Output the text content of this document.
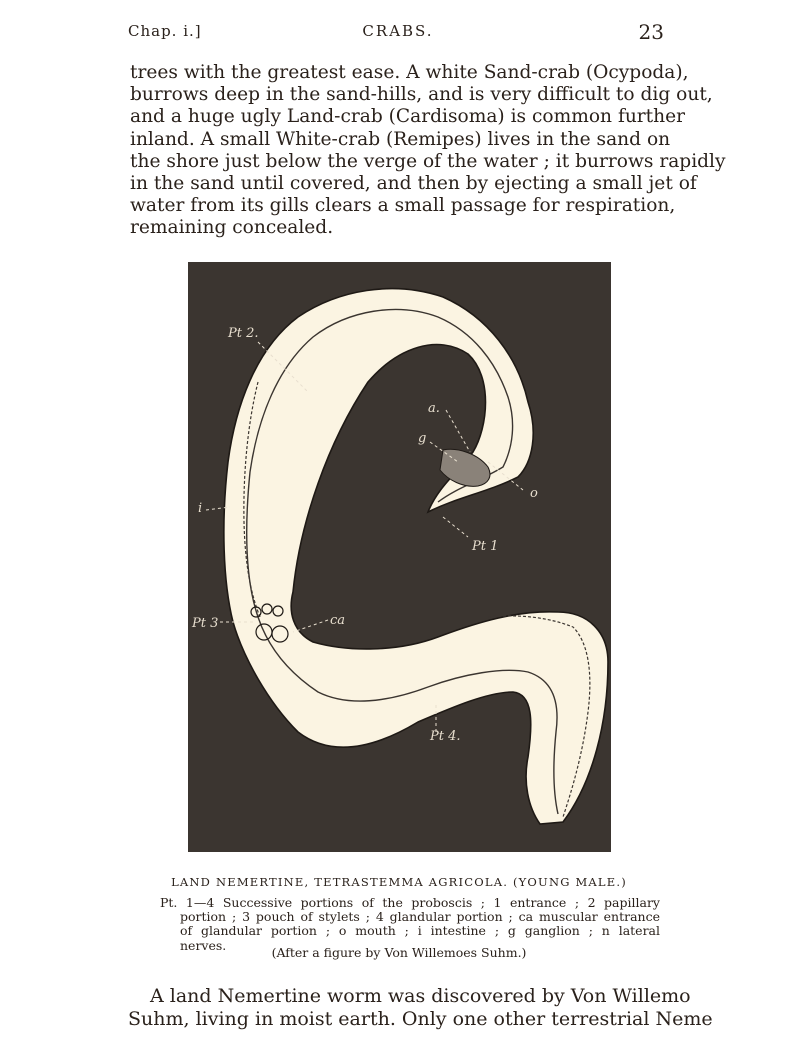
Chap. i.]	CRABS.	23
trees with the greatest ease. A white Sand-crab (Ocypoda),
burrows deep in the sand-hills, and is very difficult to dig out,
and a huge ugly Land-crab (Cardisoma) is common further
inland. A small White-crab (Remipes) lives in the sand on
the shore just below the verge of the water ; it burrows rapidly
in the sand until covered, and then by ejecting a small jet of
water from its gills clears a small passage for respiration,
remaining concealed.
Pt 2.
a.
g
o
i
Pt 1
Pt 3	ca
Pt 4.
LAND NEMERTINE, TETRASTEMMA AGRICOLA. (YOUNG MALE.)
Pt. 1—4 Successive portions of the proboscis ; 1 entrance ; 2 papillary
portion ; 3 pouch of stylets ; 4 glandular portion ; ca muscular entrance
of glandular portion ; o mouth ; i intestine ; g ganglion ; n lateral
nerves.	(After a figure by Von Willemoes Suhm.)
A land Nemertine worm was discovered by Von Willemo
Suhm, living in moist earth. Only one other terrestrial Neme
